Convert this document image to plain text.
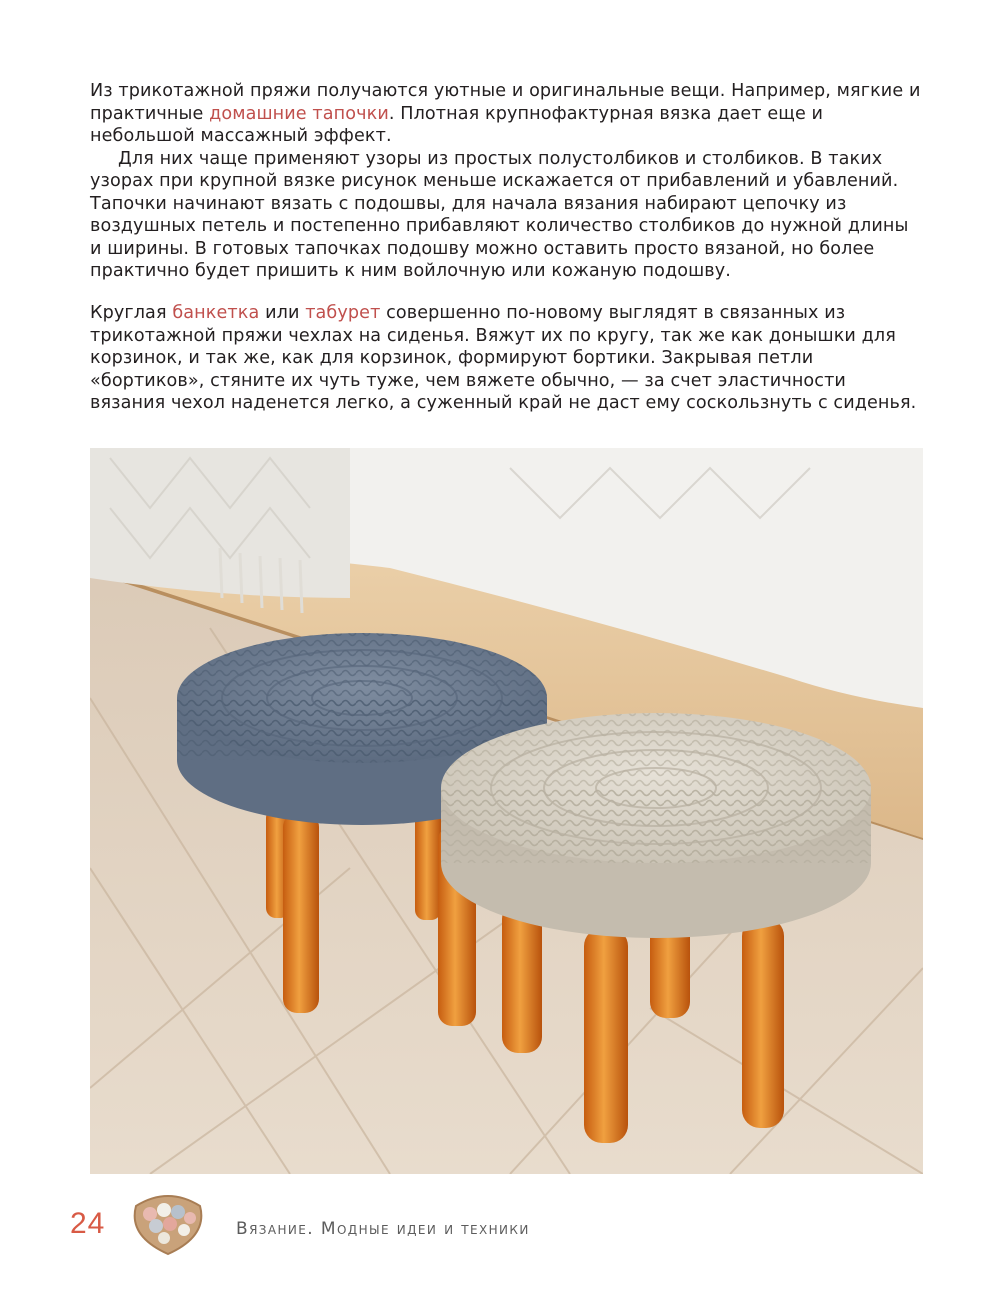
Из трикотажной пряжи получаются уютные и оригинальные вещи. Например, мягкие и практичные домашние тапочки. Плотная крупнофактурная вязка дает еще и небольшой массажный эффект.

Для них чаще применяют узоры из простых полустолбиков и столбиков. В таких узорах при крупной вязке рисунок меньше искажается от прибавлений и убавлений. Тапочки начинают вязать с подошвы, для начала вязания набирают цепочку из воздушных петель и постепенно прибавляют количество столбиков до нужной длины и ширины. В готовых тапочках подошву можно оставить просто вязаной, но более практично будет пришить к ним войлочную или кожаную подошву.

Круглая банкетка или табурет совершенно по-новому выглядят в связанных из трикотажной пряжи чехлах на сиденья. Вяжут их по кругу, так же как донышки для корзинок, и так же, как для корзинок, формируют бортики. Закрывая петли «бортиков», стяните их чуть туже, чем вяжете обычно, — за счет эластичности вязания чехол наденется легко, а суженный край не даст ему соскользнуть с сиденья.

24	Вязание. Модные идеи и техники
